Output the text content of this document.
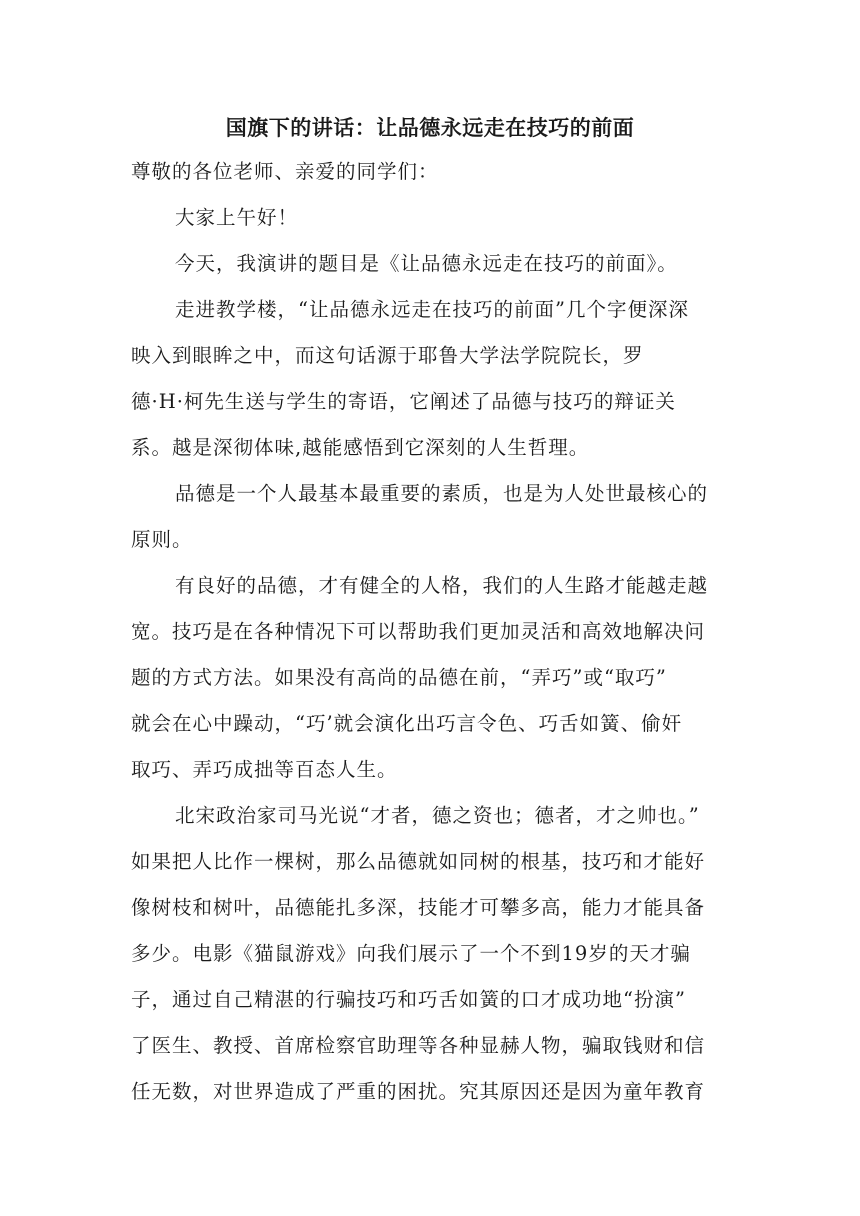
国旗下的讲话：让品德永远走在技巧的前面
尊敬的各位老师、亲爱的同学们：
大家上午好！
今天，我演讲的题目是《让品德永远走在技巧的前面》。
走进教学楼，“让品德永远走在技巧的前面”几个字便深深
映入到眼眸之中，而这句话源于耶鲁大学法学院院长，罗
德·H·柯先生送与学生的寄语，它阐述了品德与技巧的辩证关
系。越是深彻体味,越能感悟到它深刻的人生哲理。
品德是一个人最基本最重要的素质，也是为人处世最核心的
原则。
有良好的品德，才有健全的人格，我们的人生路才能越走越
宽。技巧是在各种情况下可以帮助我们更加灵活和高效地解决问
题的方式方法。如果没有高尚的品德在前，“弄巧”或“取巧”
就会在心中躁动，“巧’就会演化出巧言令色、巧舌如簧、偷奸
取巧、弄巧成拙等百态人生。
北宋政治家司马光说“才者，德之资也；德者，才之帅也。”
如果把人比作一棵树，那么品德就如同树的根基，技巧和才能好
像树枝和树叶，品德能扎多深，技能才可攀多高，能力才能具备
多少。电影《猫鼠游戏》向我们展示了一个不到19岁的天才骗
子，通过自己精湛的行骗技巧和巧舌如簧的口才成功地“扮演”
了医生、教授、首席检察官助理等各种显赫人物，骗取钱财和信
任无数，对世界造成了严重的困扰。究其原因还是因为童年教育
